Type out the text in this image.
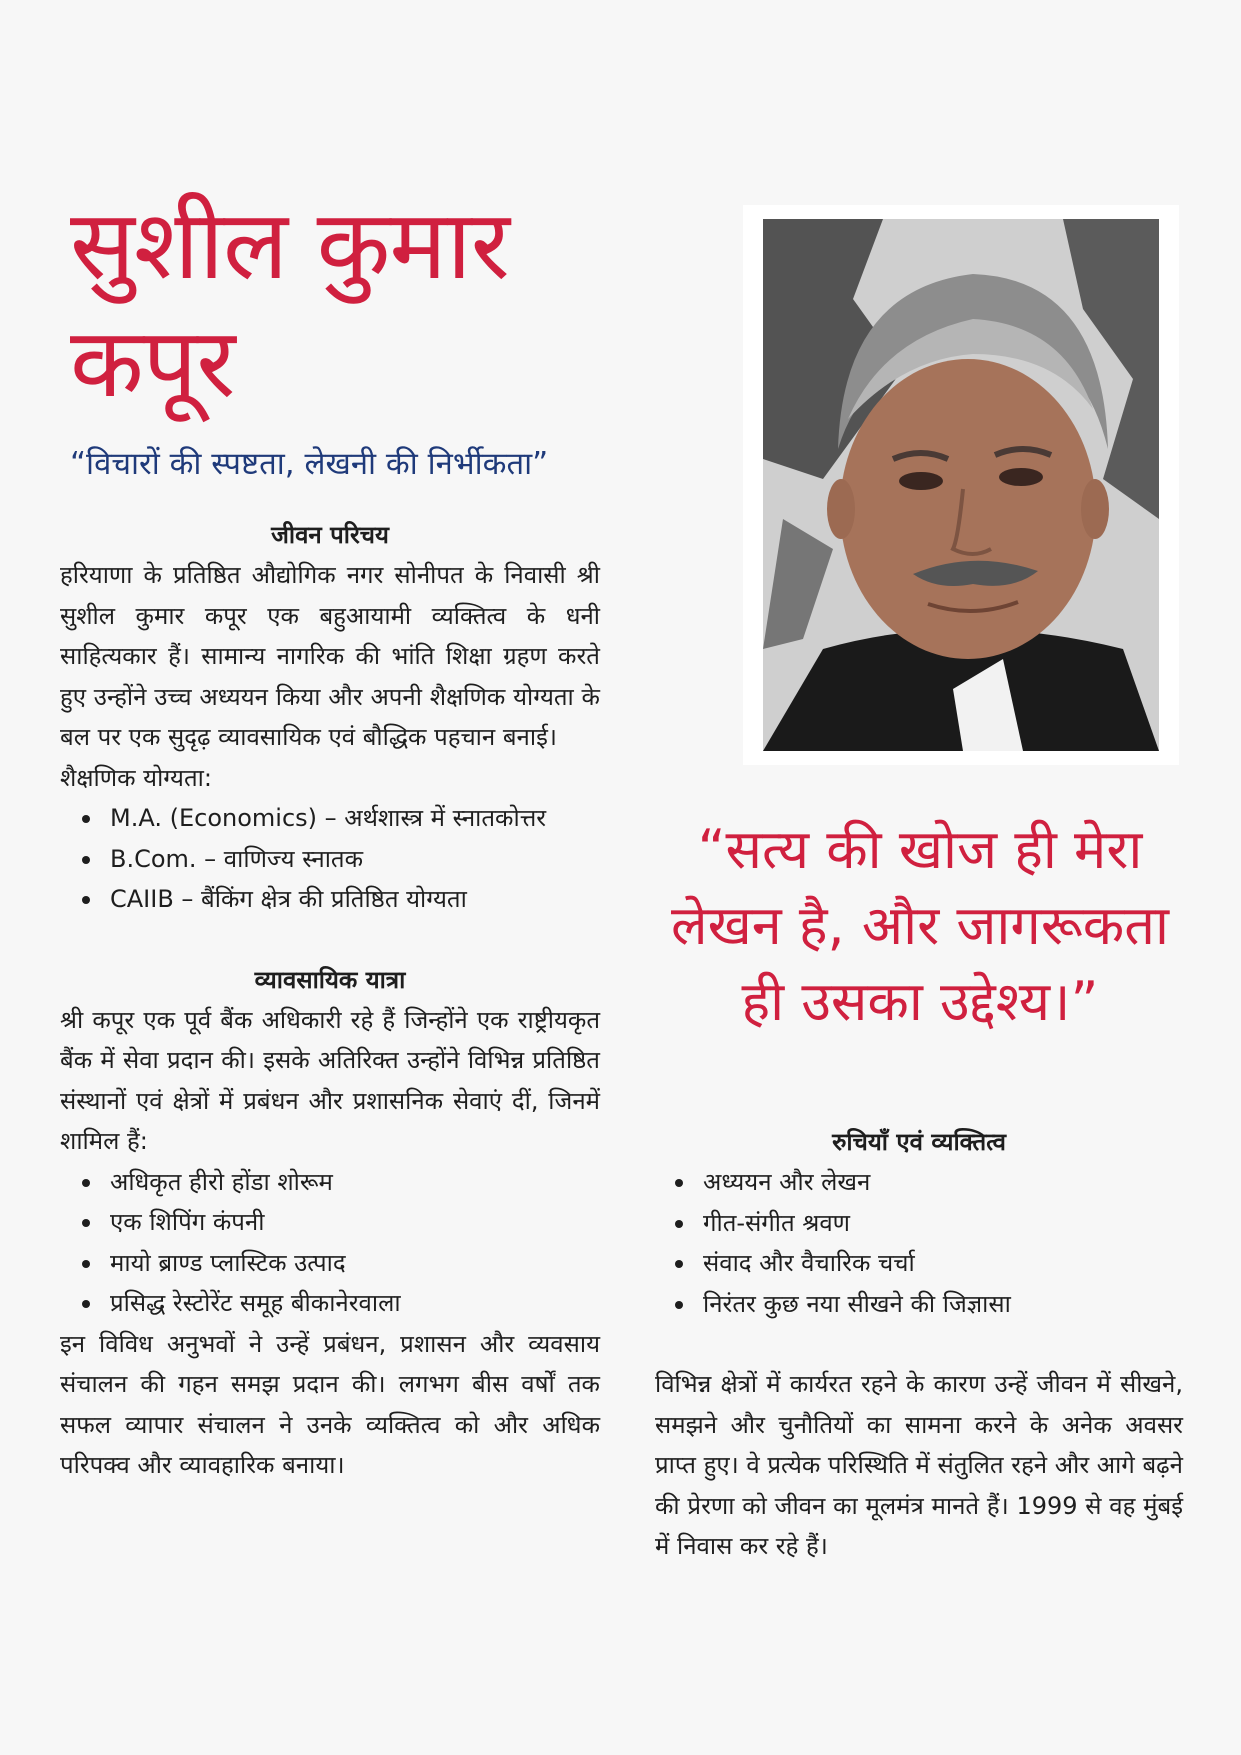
सुशील कुमार
कपूर
“विचारों की स्पष्टता, लेखनी की निर्भीकता”
जीवन परिचय

हरियाणा के प्रतिष्ठित औद्योगिक नगर सोनीपत के निवासी श्री सुशील कुमार कपूर एक बहुआयामी व्यक्तित्व के धनी साहित्यकार हैं। सामान्य नागरिक की भांति शिक्षा ग्रहण करते हुए उन्होंने उच्च अध्ययन किया और अपनी शैक्षणिक योग्यता के बल पर एक सुदृढ़ व्यावसायिक एवं बौद्धिक पहचान बनाई।

शैक्षणिक योग्यता:

M.A. (Economics) – अर्थशास्त्र में स्नातकोत्तर
B.Com. – वाणिज्य स्नातक
CAIIB – बैंकिंग क्षेत्र की प्रतिष्ठित योग्यता
व्यावसायिक यात्रा

श्री कपूर एक पूर्व बैंक अधिकारी रहे हैं जिन्होंने एक राष्ट्रीयकृत बैंक में सेवा प्रदान की। इसके अतिरिक्त उन्होंने विभिन्न प्रतिष्ठित संस्थानों एवं क्षेत्रों में प्रबंधन और प्रशासनिक सेवाएं दीं, जिनमें शामिल हैं:

अधिकृत हीरो होंडा शोरूम
एक शिपिंग कंपनी
मायो ब्राण्ड प्लास्टिक उत्पाद
प्रसिद्ध रेस्टोरेंट समूह बीकानेरवाला

इन विविध अनुभवों ने उन्हें प्रबंधन, प्रशासन और व्यवसाय संचालन की गहन समझ प्रदान की। लगभग बीस वर्षों तक सफल व्यापार संचालन ने उनके व्यक्तित्व को और अधिक परिपक्व और व्यावहारिक बनाया।

“सत्य की खोज ही मेरा लेखन है, और जागरूकता ही उसका उद्देश्य।”
रुचियाँ एवं व्यक्तित्व
अध्ययन और लेखन
गीत-संगीत श्रवण
संवाद और वैचारिक चर्चा
निरंतर कुछ नया सीखने की जिज्ञासा

विभिन्न क्षेत्रों में कार्यरत रहने के कारण उन्हें जीवन में सीखने, समझने और चुनौतियों का सामना करने के अनेक अवसर प्राप्त हुए। वे प्रत्येक परिस्थिति में संतुलित रहने और आगे बढ़ने की प्रेरणा को जीवन का मूलमंत्र मानते हैं। 1999 से वह मुंबई में निवास कर रहे हैं।
